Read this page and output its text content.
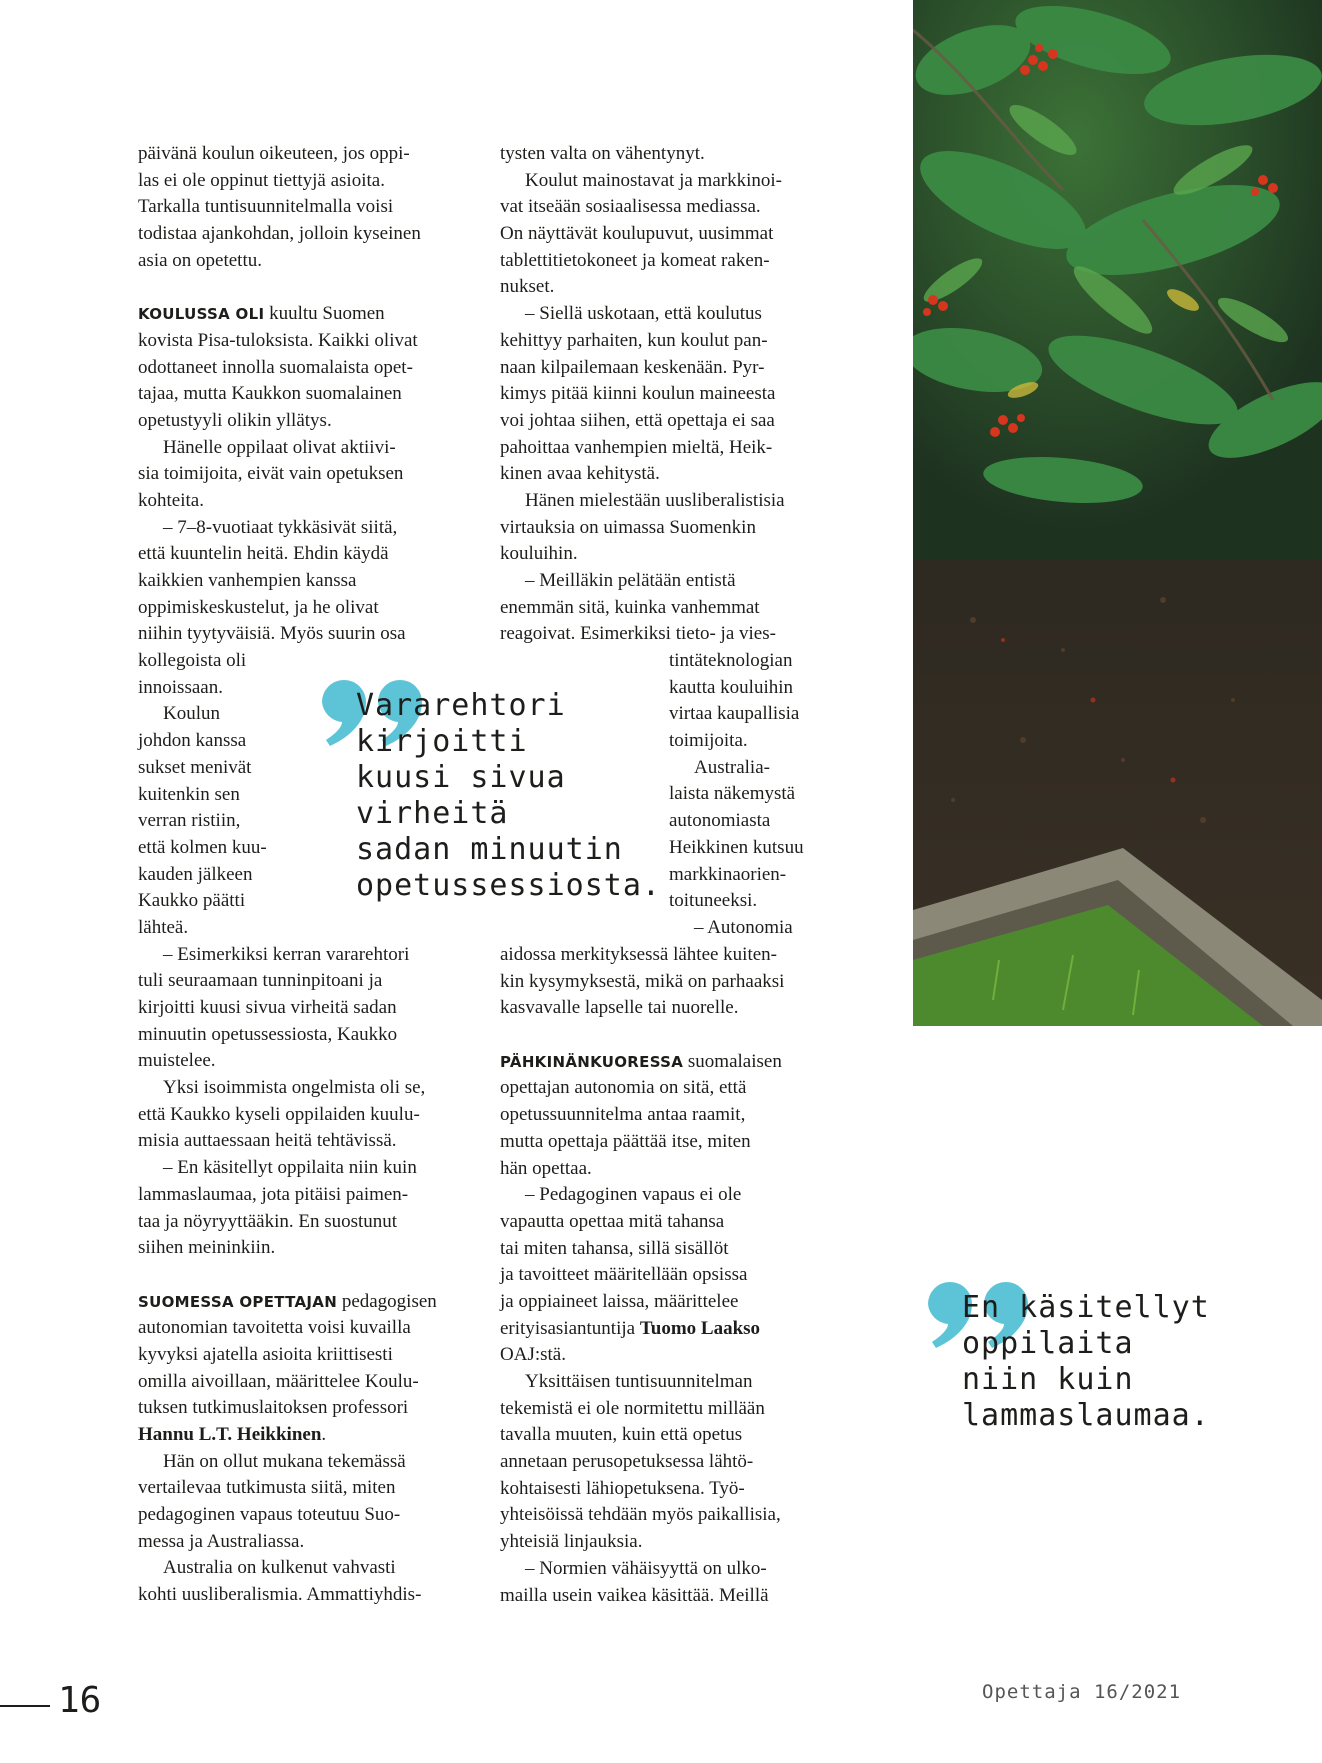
päivänä koulun oikeuteen, jos oppi-
las ei ole oppinut tiettyjä asioita.
Tarkalla tuntisuunnitelmalla voisi
todistaa ajankohdan, jolloin kyseinen
asia on opetettu.
KOULUSSA OLI kuultu Suomen
kovista Pisa-tuloksista. Kaikki olivat
odottaneet innolla suomalaista opet-
tajaa, mutta Kaukkon suomalainen
opetustyyli olikin yllätys.
Hänelle oppilaat olivat aktiivi-
sia toimijoita, eivät vain opetuksen
kohteita.
– 7–8-vuotiaat tykkäsivät siitä,
että kuuntelin heitä. Ehdin käydä
kaikkien vanhempien kanssa
oppimiskeskustelut, ja he olivat
niihin tyytyväisiä. Myös suurin osa
kollegoista oli
innoissaan.
Koulun
johdon kanssa
sukset menivät
kuitenkin sen
verran ristiin,
että kolmen kuu-
kauden jälkeen
Kaukko päätti
lähteä.
– Esimerkiksi kerran vararehtori
tuli seuraamaan tunninpitoani ja
kirjoitti kuusi sivua virheitä sadan
minuutin opetussessiosta, Kaukko
muistelee.
Yksi isoimmista ongelmista oli se,
että Kaukko kyseli oppilaiden kuulu-
misia auttaessaan heitä tehtävissä.
– En käsitellyt oppilaita niin kuin
lammaslaumaa, jota pitäisi paimen-
taa ja nöyryyttääkin. En suostunut
siihen meininkiin.
SUOMESSA OPETTAJAN pedagogisen
autonomian tavoitetta voisi kuvailla
kyvyksi ajatella asioita kriittisesti
omilla aivoillaan, määrittelee Koulu-
tuksen tutkimuslaitoksen professori
Hannu L.T. Heikkinen.
Hän on ollut mukana tekemässä
vertailevaa tutkimusta siitä, miten
pedagoginen vapaus toteutuu Suo-
messa ja Australiassa.
Australia on kulkenut vahvasti
kohti uusliberalismia. Ammattiyhdis-
tysten valta on vähentynyt.
Koulut mainostavat ja markkinoi-
vat itseään sosiaalisessa mediassa.
On näyttävät koulupuvut, uusimmat
tablettitietokoneet ja komeat raken-
nukset.
– Siellä uskotaan, että koulutus
kehittyy parhaiten, kun koulut pan-
naan kilpailemaan keskenään. Pyr-
kimys pitää kiinni koulun maineesta
voi johtaa siihen, että opettaja ei saa
pahoittaa vanhempien mieltä, Heik-
kinen avaa kehitystä.
Hänen mielestään uusliberalistisia
virtauksia on uimassa Suomenkin
kouluihin.
– Meilläkin pelätään entistä
enemmän sitä, kuinka vanhemmat
reagoivat. Esimerkiksi tieto- ja vies-
tintäteknologian
kautta kouluihin
virtaa kaupallisia
toimijoita.
Australia-
laista näkemystä
autonomiasta
Heikkinen kutsuu
markkinaorien-
toituneeksi.
– Autonomia
aidossa merkityksessä lähtee kuiten-
kin kysymyksestä, mikä on parhaaksi
kasvavalle lapselle tai nuorelle.
PÄHKINÄNKUORESSA suomalaisen
opettajan autonomia on sitä, että
opetussuunnitelma antaa raamit,
mutta opettaja päättää itse, miten
hän opettaa.
– Pedagoginen vapaus ei ole
vapautta opettaa mitä tahansa
tai miten tahansa, sillä sisällöt
ja tavoitteet määritellään opsissa
ja oppiaineet laissa, määrittelee
erityisasiantuntija Tuomo Laakso
OAJ:stä.
Yksittäisen tuntisuunnitelman
tekemistä ei ole normitettu millään
tavalla muuten, kuin että opetus
annetaan perusopetuksessa lähtö-
kohtaisesti lähiopetuksena. Työ-
yhteisöissä tehdään myös paikallisia,
yhteisiä linjauksia.
– Normien vähäisyyttä on ulko-
mailla usein vaikea käsittää. Meillä
Vararehtori
kirjoitti
kuusi sivua
virheitä
sadan minuutin
opetussessiosta.
En käsitellyt
oppilaita
niin kuin
lammaslaumaa.
16	Opettaja 16/2021
